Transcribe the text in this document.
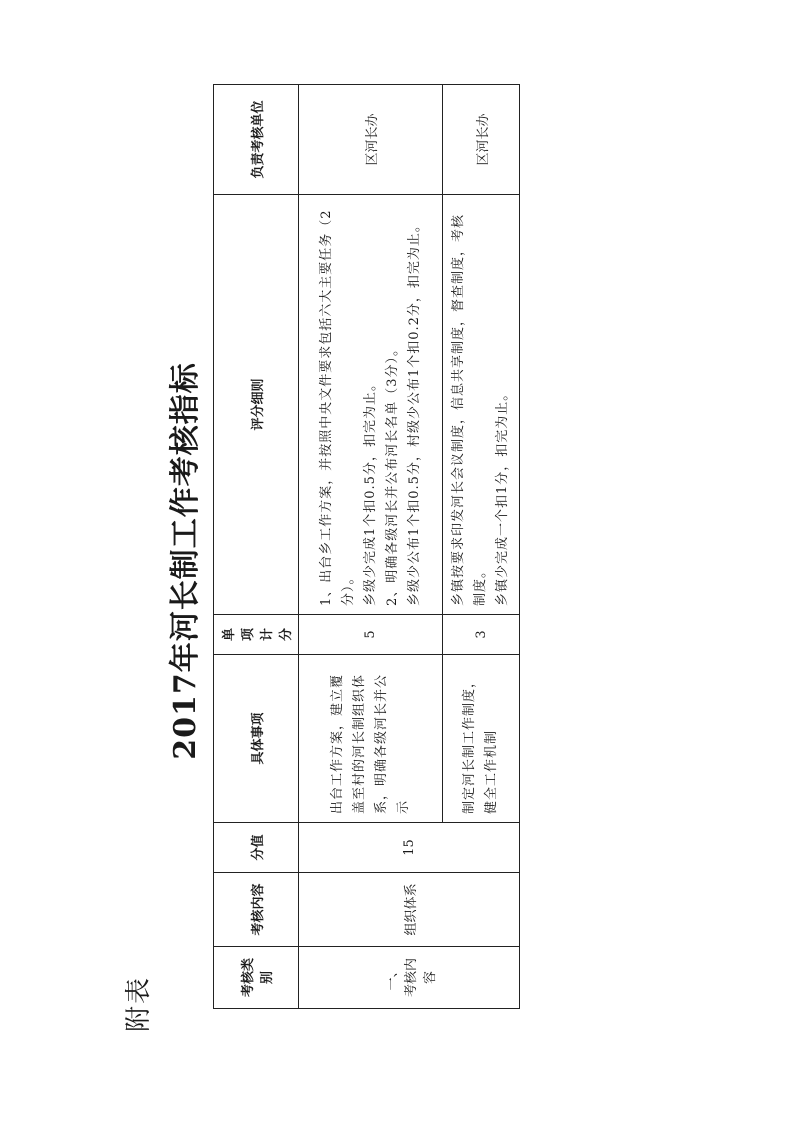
附表
2017年河长制工作考核指标
考核类别	考核内容	分值	具体事项	单项 计分	评分细则	负责考核单位

一、 考核内容	组织体系	15	出台工作方案，建立覆盖至村的河长制组织体系，明确各级河长并公示	5	1、出台乡工作方案，并按照中央文件要求包括六大主要任务（2分）。 乡级少完成1个扣0.5分，扣完为止。 2、明确各级河长并公布河长名单（3分）。 乡级少公布1个扣0.5分，村级少公布1个扣0.2分，扣完为止。	区河长办
			制定河长制工作制度，健全工作机制	3	乡镇按要求印发河长会议制度，信息共享制度，督查制度，考核制度。 乡镇少完成一个扣1分，扣完为止。	区河长办
